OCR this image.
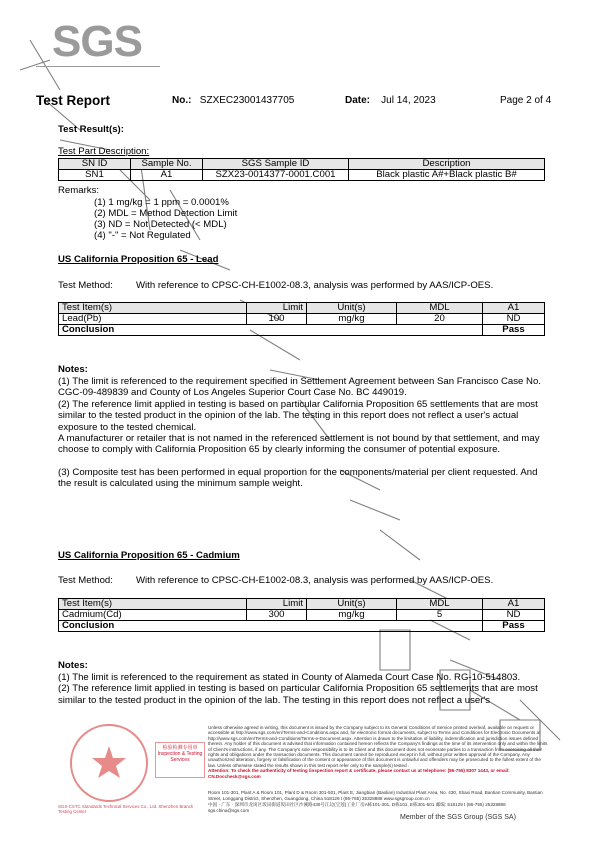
SGS
Test Report	No.: SZXEC23001437705	Date: Jul 14, 2023	Page 2 of 4
Test Result(s):
Test Part Description:
SN ID	Sample No.	SGS Sample ID	Description
SN1	A1	SZX23-0014377-0001.C001	Black plastic A#+Black plastic B#
Remarks:
(1) 1 mg/kg = 1 ppm = 0.0001%
(2) MDL = Method Detection Limit
(3) ND = Not Detected (< MDL)
(4) "-" = Not Regulated
US California Proposition 65 - Lead
Test Method: With reference to CPSC-CH-E1002-08.3, analysis was performed by AAS/ICP-OES.
Test Item(s)	Limit	Unit(s)	MDL	A1
Lead(Pb)	100	mg/kg	20	ND
Conclusion				Pass
Notes:

(1) The limit is referenced to the requirement specified in Settlement Agreement between San Francisco Case No. CGC-09-489839 and County of Los Angeles Superior Court Case No. BC 449019.

(2) The reference limit applied in testing is based on particular California Proposition 65 settlements that are most similar to the tested product in the opinion of the lab. The testing in this report does not reflect a user's actual exposure to the tested chemical.

A manufacturer or retailer that is not named in the referenced settlement is not bound by that settlement, and may choose to comply with California Proposition 65 by clearly informing the consumer of potential exposure.

(3) Composite test has been performed in equal proportion for the components/material per client requested. And the result is calculated using the minimum sample weight.

US California Proposition 65 - Cadmium
Test Method: With reference to CPSC-CH-E1002-08.3, analysis was performed by AAS/ICP-OES.
Test Item(s)	Limit	Unit(s)	MDL	A1
Cadmium(Cd)	300	mg/kg	5	ND
Conclusion				Pass
Notes:

(1) The limit is referenced to the requirement as stated in County of Alameda Court Case No. RG-10-514803.

(2) The reference limit applied in testing is based on particular California Proposition 65 settlements that are most similar to the tested product in the opinion of the lab. The testing in this report does not reflect a user's

检验检测专用章 Inspection & Testing Services
SGS-CSTC Standards Technical Services Co., Ltd. Shenzhen Branch Testing Center

Unless otherwise agreed in writing, this document is issued by the Company subject to its General Conditions of Service printed overleaf, available on request or accessible at http://www.sgs.com/en/Terms-and-Conditions.aspx and, for electronic format documents, subject to Terms and Conditions for Electronic Documents at http://www.sgs.com/en/Terms-and-Conditions/Terms-e-Document.aspx. Attention is drawn to the limitation of liability, indemnification and jurisdiction issues defined therein. Any holder of this document is advised that information contained hereon reflects the Company's findings at the time of its intervention only and within the limits of Client's instructions, if any. The Company's sole responsibility is to its Client and this document does not exonerate parties to a transaction from exercising all their rights and obligations under the transaction documents. This document cannot be reproduced except in full, without prior written approval of the Company. Any unauthorized alteration, forgery or falsification of the content or appearance of this document is unlawful and offenders may be prosecuted to the fullest extent of the law. Unless otherwise stated the results shown in this test report refer only to the sample(s) tested .

Attention: To check the authenticity of testing /inspection report & certificate, please contact us at telephone: (86-755) 8307 1443, or email: CN.Doccheck@sgs.com

Room 101-301, Plant A & Room 101, Plant D & Room 301-501, Plant E, Jiangbian (Baolian) Industrial Plant Area, No. 430, Shaxi Road, Bantian Community, Bantian Street, Longgang District, Shenzhen, Guangdong, China 518129 t (86-755) 25328888 www.sgsgroup.com.cn
中国 · 广东 · 深圳市龙岗区坂田街道坂田社区沙溪路430号江边(宝莲)工业厂房A栋101-301, D栋101, E栋301-501 邮编: 518129 t (86-755) 25328888 sgs.china@sgs.com
Member of the SGS Group (SGS SA)
